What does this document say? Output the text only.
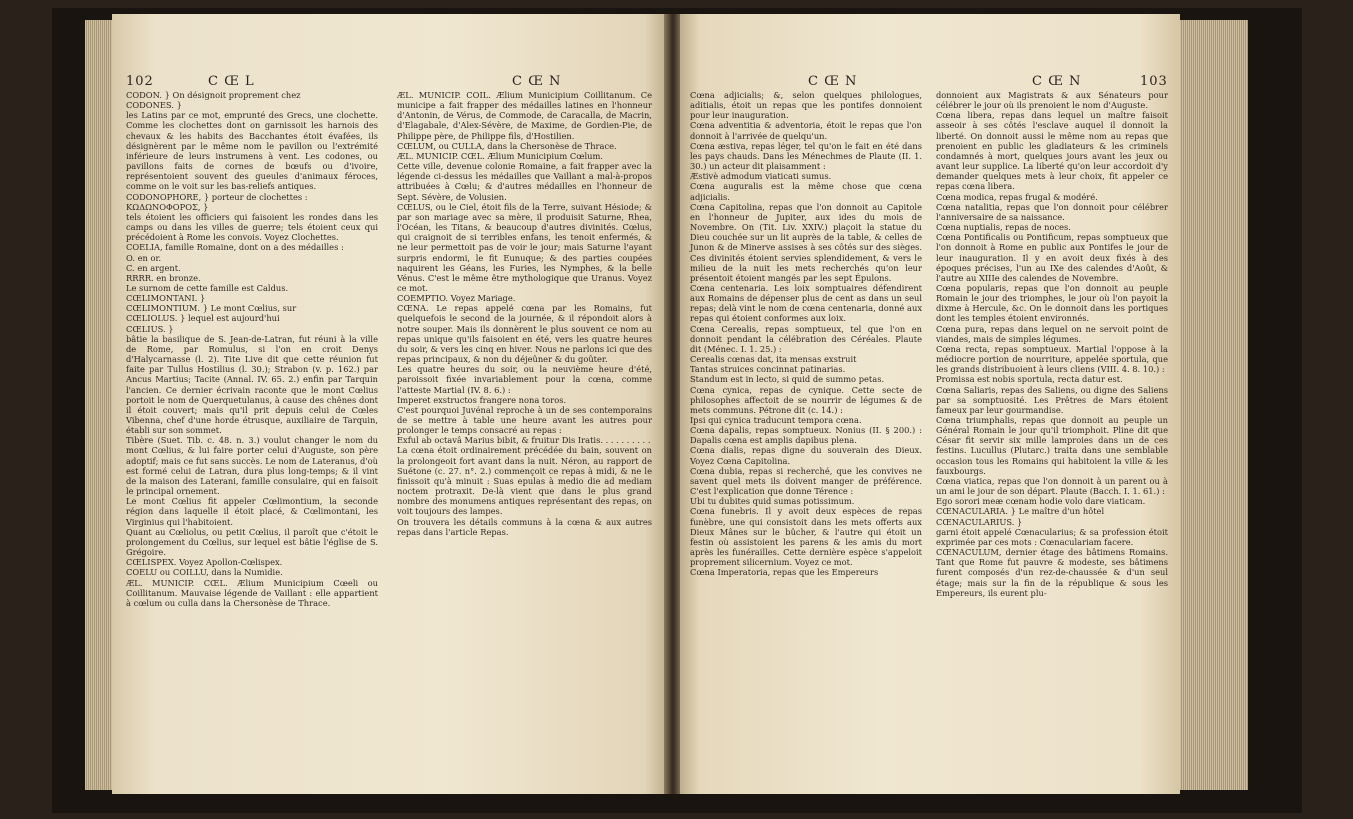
102	C Œ L	C Œ N

CODON. } On désignoit proprement chez

CODONES. }

les Latins par ce mot, emprunté des Grecs, une clochette. Comme les clochettes dont on garnissoit les harnois des chevaux & les habits des Bacchantes étoit évafées, ils désignèrent par le même nom le pavillon ou l'extrémité inférieure de leurs instrumens à vent. Les codones, ou pavillons faits de cornes de bœufs ou d'ivoire, représentoient souvent des gueules d'animaux féroces, comme on le voit sur les bas-reliefs antiques.

CODONOPHORE, } porteur de clochettes :

ΚΩΔΩΝΟΦΟΡΟΣ, }

tels étoient les officiers qui faisoient les rondes dans les camps ou dans les villes de guerre; tels étoient ceux qui précédoient à Rome les convois. Voyez Clochettes.

COELIA, famille Romaine, dont on a des médailles :

O. en or.

C. en argent.

RRRR. en bronze.

Le surnom de cette famille est Caldus.

CŒLIMONTANI. }

CŒLIMONTIUM. } Le mont Cœlius, sur

CŒLIOLUS. } lequel est aujourd'hui

CŒLIUS. }

bâtie la basilique de S. Jean-de-Latran, fut réuni à la ville de Rome, par Romulus, si l'on en croit Denys d'Halycarnasse (l. 2). Tite Live dit que cette réunion fut faite par Tullus Hostilius (l. 30.); Strabon (v. p. 162.) par Ancus Martius; Tacite (Annal. IV. 65. 2.) enfin par Tarquin l'ancien. Ce dernier écrivain raconte que le mont Cœlius portoit le nom de Querquetulanus, à cause des chênes dont il étoit couvert; mais qu'il prit depuis celui de Cœles Vibenna, chef d'une horde étrusque, auxiliaire de Tarquin, établi sur son sommet.

Tibère (Suet. Tib. c. 48. n. 3.) voulut changer le nom du mont Cœlius, & lui faire porter celui d'Auguste, son père adoptif; mais ce fut sans succès. Le nom de Lateranus, d'où est formé celui de Latran, dura plus long-temps; & il vint de la maison des Laterani, famille consulaire, qui en faisoit le principal ornement.

Le mont Cœlius fit appeler Cœlimontium, la seconde région dans laquelle il étoit placé, & Cœlimontani, les Virginius qui l'habitoient.

Quant au Cœliolus, ou petit Cœlius, il paroît que c'étoit le prolongement du Cœlius, sur lequel est bâtie l'église de S. Grégoire.

CŒLISPEX. Voyez Apollon-Cœlispex.

COELU ou COILLU, dans la Numidie.

ÆL. MUNICIP. CŒL. Ælium Municipium Cœeli ou Coillitanum. Mauvaise légende de Vaillant : elle appartient à cœlum ou culla dans la Chersonèse de Thrace.

ÆL. MUNICIP. COIL. Ælium Municipium Coillitanum. Ce municipe a fait frapper des médailles latines en l'honneur d'Antonin, de Vérus, de Commode, de Caracalla, de Macrin, d'Elagabale, d'Alex-Sévère, de Maxime, de Gordien-Pie, de Philippe père, de Philippe fils, d'Hostilien.

CŒLUM, ou CULLA, dans la Chersonèse de Thrace.

ÆL. MUNICIP. CŒL. Ælium Municipium Cœlum.

Cette ville, devenue colonie Romaine, a fait frapper avec la légende ci-dessus les médailles que Vaillant a mal-à-propos attribuées à Cœlu; & d'autres médailles en l'honneur de Sept. Sévère, de Volusien.

CŒLUS, ou le Ciel, étoit fils de la Terre, suivant Hésiode; & par son mariage avec sa mère, il produisit Saturne, Rhea, l'Océan, les Titans, & beaucoup d'autres divinités. Cœlus, qui craignoit de si terribles enfans, les tenoit enfermés, & ne leur permettoit pas de voir le jour; mais Saturne l'ayant surpris endormi, le fit Eunuque; & des parties coupées naquirent les Géans, les Furies, les Nymphes, & la belle Vénus. C'est le même être mythologique que Uranus. Voyez ce mot.

COEMPTIO. Voyez Mariage.

CŒNA. Le repas appelé cœna par les Romains, fut quelquefois le second de la journée, & il répondoit alors à notre souper. Mais ils donnèrent le plus souvent ce nom au repas unique qu'ils faisoient en été, vers les quatre heures du soir, & vers les cinq en hiver. Nous ne parlons ici que des repas principaux, & non du déjeûner & du goûter.

Les quatre heures du soir, ou la neuvième heure d'été, paroissoit fixée invariablement pour la cœna, comme l'atteste Martial (IV. 8. 6.) :

Imperet exstructos frangere nona toros.

C'est pourquoi Juvénal reproche à un de ses contemporains de se mettre à table une heure avant les autres pour prolonger le temps consacré au repas :

Exful ab octavâ Marius bibit, & fruitur Dis Iratis. . . . . . . . . .

La cœna étoit ordinairement précédée du bain, souvent on la prolongeoit fort avant dans la nuit. Néron, au rapport de Suétone (c. 27. n°. 2.) commençoit ce repas à midi, & ne le finissoit qu'à minuit : Suas epulas à medio die ad mediam noctem protraxit. De-là vient que dans le plus grand nombre des monumens antiques représentant des repas, on voit toujours des lampes.

On trouvera les détails communs à la cœna & aux autres repas dans l'article Repas.

C Œ N	C Œ N	103

Cœna adjicialis; &, selon quelques philologues, aditialis, étoit un repas que les pontifes donnoient pour leur inauguration.

Cœna adventitia & adventoria, étoit le repas que l'on donnoit à l'arrivée de quelqu'un.

Cœna æstiva, repas léger, tel qu'on le fait en été dans les pays chauds. Dans les Ménechmes de Plaute (II. 1. 30.) un acteur dit plaisamment :

Æstivè admodum viaticati sumus.

Cœna auguralis est la même chose que cœna adjicialis.

Cœna Capitolina, repas que l'on donnoit au Capitole en l'honneur de Jupiter, aux ides du mois de Novembre. On (Tit. Liv. XXIV.) plaçoit la statue du Dieu couchée sur un lit auprès de la table, & celles de Junon & de Minerve assises à ses côtés sur des sièges. Ces divinités étoient servies splendidement, & vers le milieu de la nuit les mets recherchés qu'on leur présentoit étoient mangés par les sept Épulons.

Cœna centenaria. Les loix somptuaires défendirent aux Romains de dépenser plus de cent as dans un seul repas; delà vint le nom de cœna centenaria, donné aux repas qui étoient conformes aux loix.

Cœna Cerealis, repas somptueux, tel que l'on en donnoit pendant la célébration des Céréales. Plaute dit (Ménec. I. 1. 25.) :

Cerealis cœnas dat, ita mensas exstruit

Tantas struices concinnat patinarias.

Standum est in lecto, si quid de summo petas.

Cœna cynica, repas de cynique. Cette secte de philosophes affectoit de se nourrir de légumes & de mets communs. Pétrone dit (c. 14.) :

Ipsi qui cynica traducunt tempora cœna.

Cœna dapalis, repas somptueux. Nonius (II. § 200.) : Dapalis cœna est amplis dapibus plena.

Cœna dialis, repas digne du souverain des Dieux. Voyez Cœna Capitolina.

Cœna dubia, repas si recherché, que les convives ne savent quel mets ils doivent manger de préférence. C'est l'explication que donne Térence :

Ubi tu dubites quid sumas potissimum.

Cœna funebris. Il y avoit deux espèces de repas funèbre, une qui consistoit dans les mets offerts aux Dieux Mânes sur le bûcher, & l'autre qui étoit un festin où assistoient les parens & les amis du mort après les funérailles. Cette dernière espèce s'appeloit proprement silicernium. Voyez ce mot.

Cœna Imperatoria, repas que les Empereurs

donnoient aux Magistrats & aux Sénateurs pour célébrer le jour où ils prenoient le nom d'Auguste.

Cœna libera, repas dans lequel un maître faisoit asseoir à ses côtés l'esclave auquel il donnoit la liberté. On donnoit aussi le même nom au repas que prenoient en public les gladiateurs & les criminels condamnés à mort, quelques jours avant les jeux ou avant leur supplice. La liberté qu'on leur accordoit d'y demander quelques mets à leur choix, fit appeler ce repas cœna libera.

Cœna modica, repas frugal & modéré.

Cœna natalitia, repas que l'on donnoit pour célébrer l'anniversaire de sa naissance.

Cœna nuptialis, repas de noces.

Cœna Pontificalis ou Pontificum, repas somptueux que l'on donnoit à Rome en public aux Pontifes le jour de leur inauguration. Il y en avoit deux fixés à des époques précises, l'un au IXe des calendes d'Août, & l'autre au XIIIe des calendes de Novembre.

Cœna popularis, repas que l'on donnoit au peuple Romain le jour des triomphes, le jour où l'on payoit la dixme à Hercule, &c. On le donnoit dans les portiques dont les temples étoient environnés.

Cœna pura, repas dans lequel on ne servoit point de viandes, mais de simples légumes.

Cœna recta, repas somptueux. Martial l'oppose à la médiocre portion de nourriture, appelée sportula, que les grands distribuoient à leurs cliens (VIII. 4. 8. 10.) :

Promissa est nobis sportula, recta datur est.

Cœna Saliaris, repas des Saliens, ou digne des Saliens par sa somptuosité. Les Prêtres de Mars étoient fameux par leur gourmandise.

Cœna triumphalis, repas que donnoit au peuple un Général Romain le jour qu'il triomphoit. Pline dit que César fit servir six mille lamproies dans un de ces festins. Lucullus (Plutarc.) traita dans une semblable occasion tous les Romains qui habitoient la ville & les fauxbourgs.

Cœna viatica, repas que l'on donnoit à un parent ou à un ami le jour de son départ. Plaute (Bacch. I. 1. 61.) :

Ego sorori meæ cœnam hodie volo dare viaticam.

CŒNACULARIA. } Le maître d'un hôtel

CŒNACULARIUS. }

garni étoit appelé Cœnacularius; & sa profession étoit exprimée par ces mots : Cœnaculariam facere.

CŒNACULUM, dernier étage des bâtimens Romains. Tant que Rome fut pauvre & modeste, ses bâtimens furent composés d'un rez-de-chaussée & d'un seul étage; mais sur la fin de la république & sous les Empereurs, ils eurent plu-
